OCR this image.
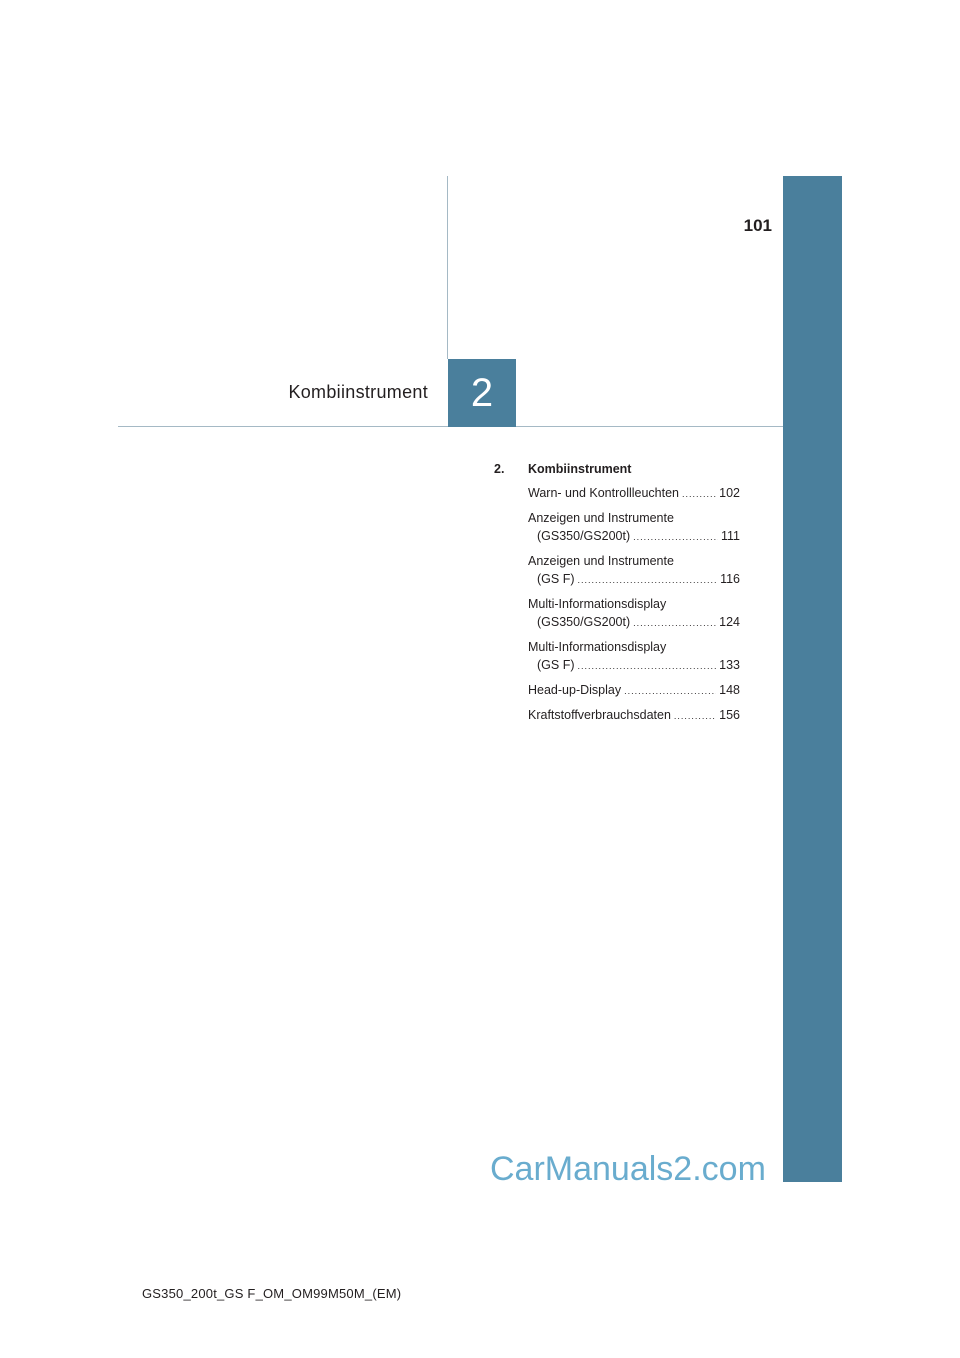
101
Kombiinstrument	2
2.	Kombiinstrument
Warn- und Kontrollleuchten .....	102
Anzeigen und Instrumente
(GS350/GS200t) .....	111
Anzeigen und Instrumente
(GS F) .....	116
Multi-Informationsdisplay
(GS350/GS200t) .....	124
Multi-Informationsdisplay
(GS F) .....	133
Head-up-Display .....	148
Kraftstoffverbrauchsdaten .....	156
CarManuals2.com
GS350_200t_GS F_OM_OM99M50M_(EM)
